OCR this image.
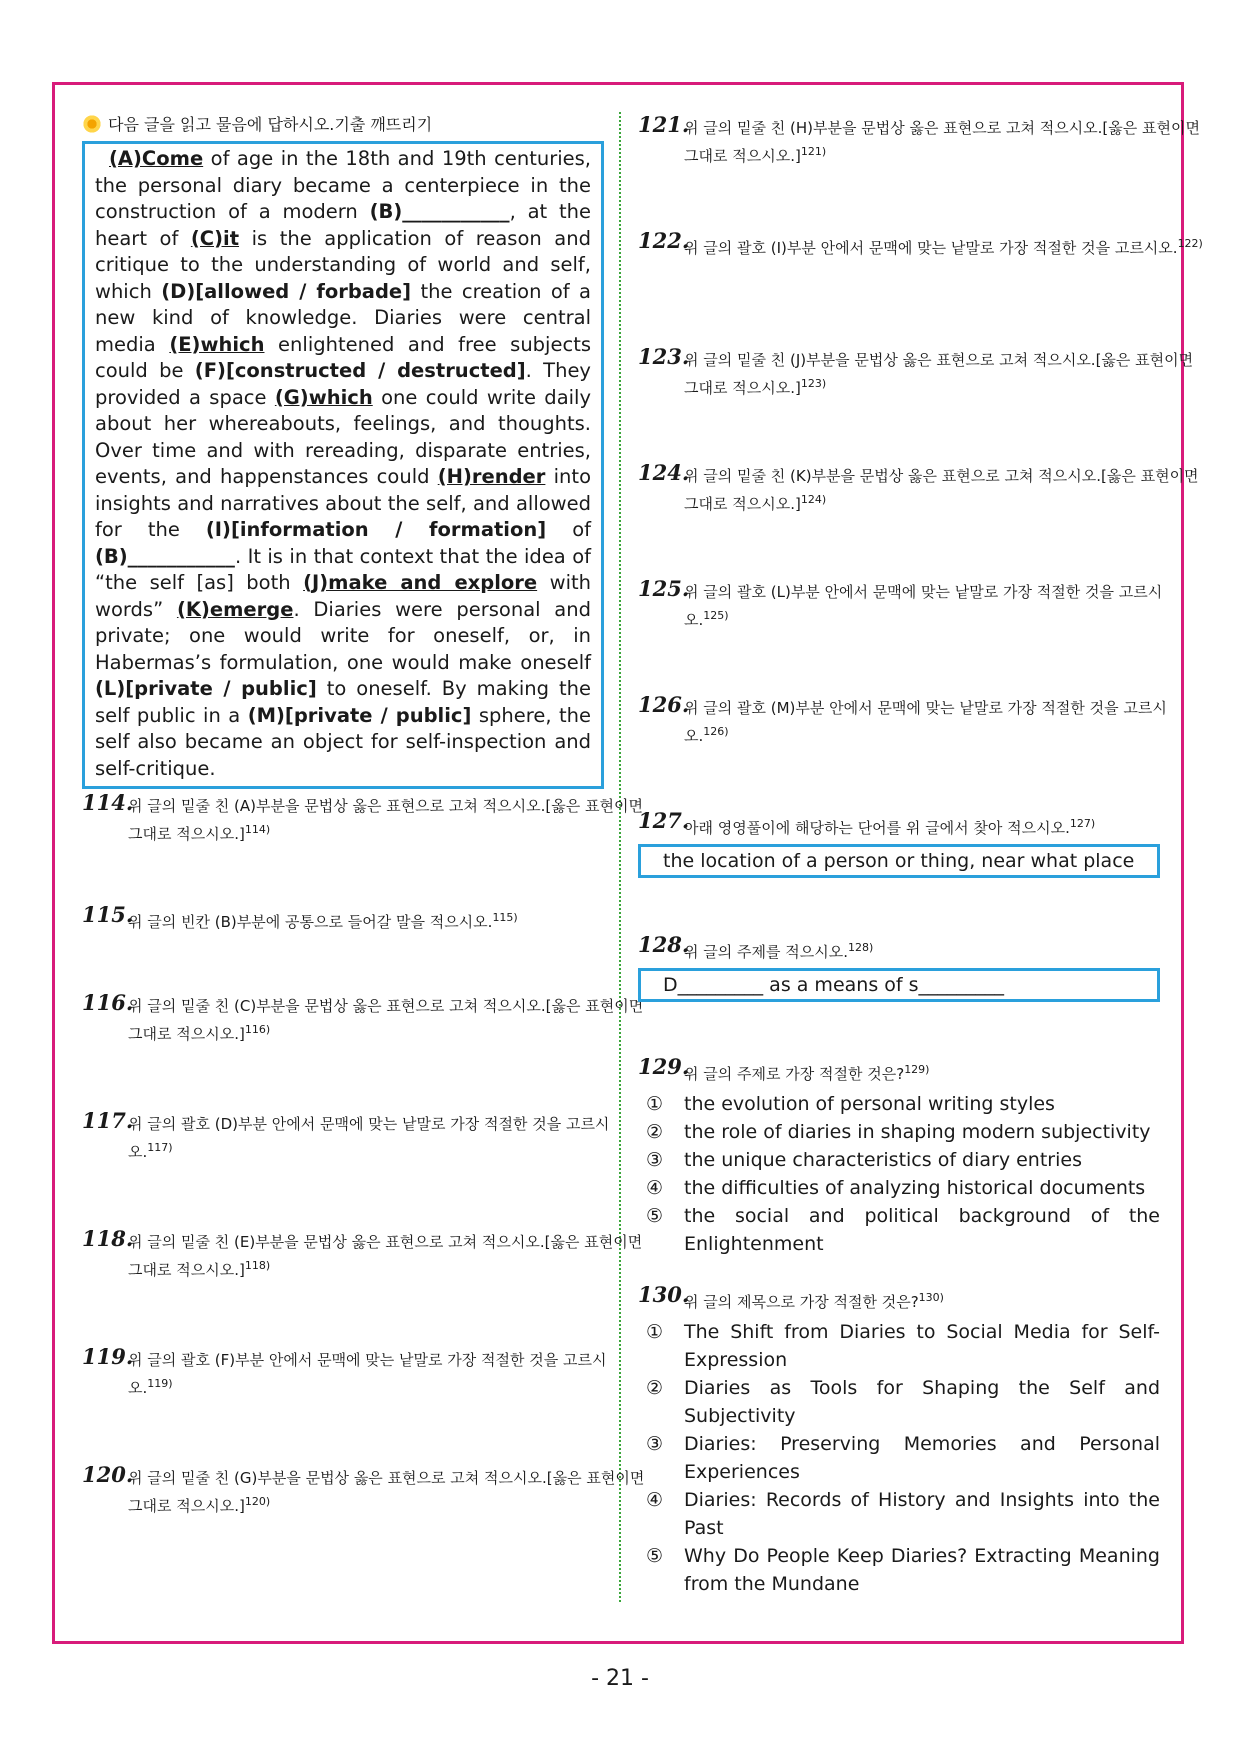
다음 글을 읽고 물음에 답하시오.기출 깨뜨리기

(A)Come of age in the 18th and 19th centuries, the personal diary became a centerpiece in the construction of a modern (B)___________, at the heart of (C)it is the application of reason and critique to the understanding of world and self, which (D)[allowed / forbade] the creation of a new kind of knowledge. Diaries were central media (E)which enlightened and free subjects could be (F)[constructed / destructed]. They provided a space (G)which one could write daily about her whereabouts, feelings, and thoughts. Over time and with rereading, disparate entries, events, and happenstances could (H)render into insights and narratives about the self, and allowed for the (I)[information / formation] of (B)___________. It is in that context that the idea of “the self [as] both (J)make and explore with words” (K)emerge. Diaries were personal and private; one would write for oneself, or, in Habermas’s formulation, one would make oneself (L)[private / public] to oneself. By making the self public in a (M)[private / public] sphere, the self also became an object for self-inspection and self-critique.

114.
위 글의 밑줄 친 (A)부분을 문법상 옳은 표현으로 고쳐 적으시오.[옳은 표현이면 그대로 적으시오.]$^{114)}$
115.
위 글의 빈칸 (B)부분에 공통으로 들어갈 말을 적으시오.$^{115)}$
116.
위 글의 밑줄 친 (C)부분을 문법상 옳은 표현으로 고쳐 적으시오.[옳은 표현이면 그대로 적으시오.]$^{116)}$
117.
위 글의 괄호 (D)부분 안에서 문맥에 맞는 낱말로 가장 적절한 것을 고르시오.$^{117)}$
118.
위 글의 밑줄 친 (E)부분을 문법상 옳은 표현으로 고쳐 적으시오.[옳은 표현이면 그대로 적으시오.]$^{118)}$
119.
위 글의 괄호 (F)부분 안에서 문맥에 맞는 낱말로 가장 적절한 것을 고르시오.$^{119)}$
120.
위 글의 밑줄 친 (G)부분을 문법상 옳은 표현으로 고쳐 적으시오.[옳은 표현이면 그대로 적으시오.]$^{120)}$
121.
위 글의 밑줄 친 (H)부분을 문법상 옳은 표현으로 고쳐 적으시오.[옳은 표현이면 그대로 적으시오.]$^{121)}$
122.
위 글의 괄호 (I)부분 안에서 문맥에 맞는 낱말로 가장 적절한 것을 고르시오.$^{122)}$
123.
위 글의 밑줄 친 (J)부분을 문법상 옳은 표현으로 고쳐 적으시오.[옳은 표현이면 그대로 적으시오.]$^{123)}$
124.
위 글의 밑줄 친 (K)부분을 문법상 옳은 표현으로 고쳐 적으시오.[옳은 표현이면 그대로 적으시오.]$^{124)}$
125.
위 글의 괄호 (L)부분 안에서 문맥에 맞는 낱말로 가장 적절한 것을 고르시오.$^{125)}$
126.
위 글의 괄호 (M)부분 안에서 문맥에 맞는 낱말로 가장 적절한 것을 고르시오.$^{126)}$
127.
아래 영영풀이에 해당하는 단어를 위 글에서 찾아 적으시오.$^{127)}$
the location of a person or thing, near what place
128.
위 글의 주제를 적으시오.$^{128)}$
D_________ as a means of s_________
129.
위 글의 주제로 가장 적절한 것은?$^{129)}$
①	the evolution of personal writing styles
②	the role of diaries in shaping modern subjectivity
③	the unique characteristics of diary entries
④	the difficulties of analyzing historical documents
⑤	the social and political background of the Enlightenment
130.
위 글의 제목으로 가장 적절한 것은?$^{130)}$
①	The Shift from Diaries to Social Media for Self-Expression
②	Diaries as Tools for Shaping the Self and Subjectivity
③	Diaries: Preserving Memories and Personal Experiences
④	Diaries: Records of History and Insights into the Past
⑤	Why Do People Keep Diaries? Extracting Meaning from the Mundane
- 21 -
